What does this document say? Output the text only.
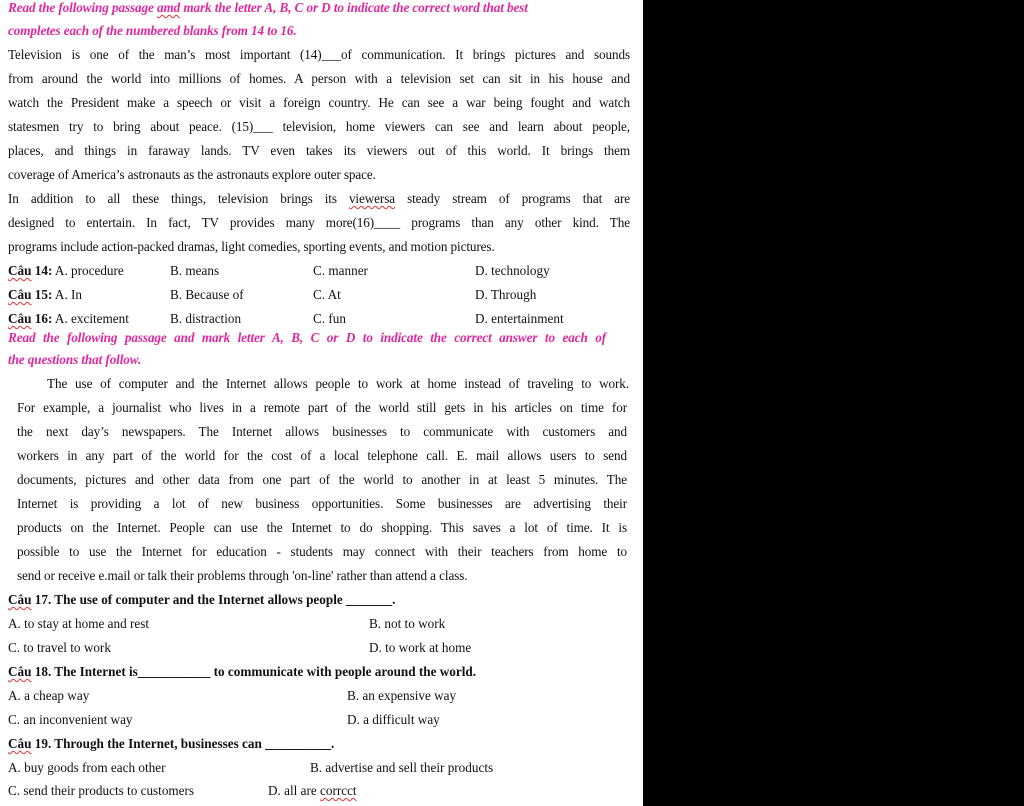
Read the following passage amd mark the letter A, B, C or D to indicate the correct word that best
completes each of the numbered blanks from 14 to 16.
Television is one of the man’s most important (14)___of communication. It brings pictures and sounds
from around the world into millions of homes. A person with a television set can sit in his house and
watch the President make a speech or visit a foreign country. He can see a war being fought and watch
statesmen try to bring about peace. (15)___ television, home viewers can see and learn about people,
places, and things in faraway lands. TV even takes its viewers out of this world. It brings them
coverage of America’s astronauts as the astronauts explore outer space.
In addition to all these things, television brings its viewersa steady stream of programs that are
designed to entertain. In fact, TV provides many more(16)____ programs than any other kind. The
programs include action-packed dramas, light comedies, sporting events, and motion pictures.
Câu 14: A. procedure	B. means	C. manner	D. technology
Câu 15: A. In	B. Because of	C. At	D. Through
Câu 16: A. excitement	B. distraction	C. fun	D. entertainment
Read the following passage and mark letter A, B, C or D to indicate the correct answer to each of
the questions that follow.
The use of computer and the Internet allows people to work at home instead of traveling to work.
For example, a journalist who lives in a remote part of the world still gets in his articles on time for
the next day’s newspapers. The Internet allows businesses to communicate with customers and
workers in any part of the world for the cost of a local telephone call. E. mail allows users to send
documents, pictures and other data from one part of the world to another in at least 5 minutes. The
Internet is providing a lot of new business opportunities. Some businesses are advertising their
products on the Internet. People can use the Internet to do shopping. This saves a lot of time. It is
possible to use the Internet for education - students may connect with their teachers from home to
send or receive e.mail or talk their problems through 'on-line' rather than attend a class.
Câu 17. The use of computer and the Internet allows people _______.
A. to stay at home and rest	B. not to work
C. to travel to work	D. to work at home
Câu 18. The Internet is___________ to communicate with people around the world.
A. a cheap way	B. an expensive way
C. an inconvenient way	D. a difficult way
Câu 19. Through the Internet, businesses can __________.
A. buy goods from each other	B. advertise and sell their products
C. send their products to customers	D. all are corrcct
